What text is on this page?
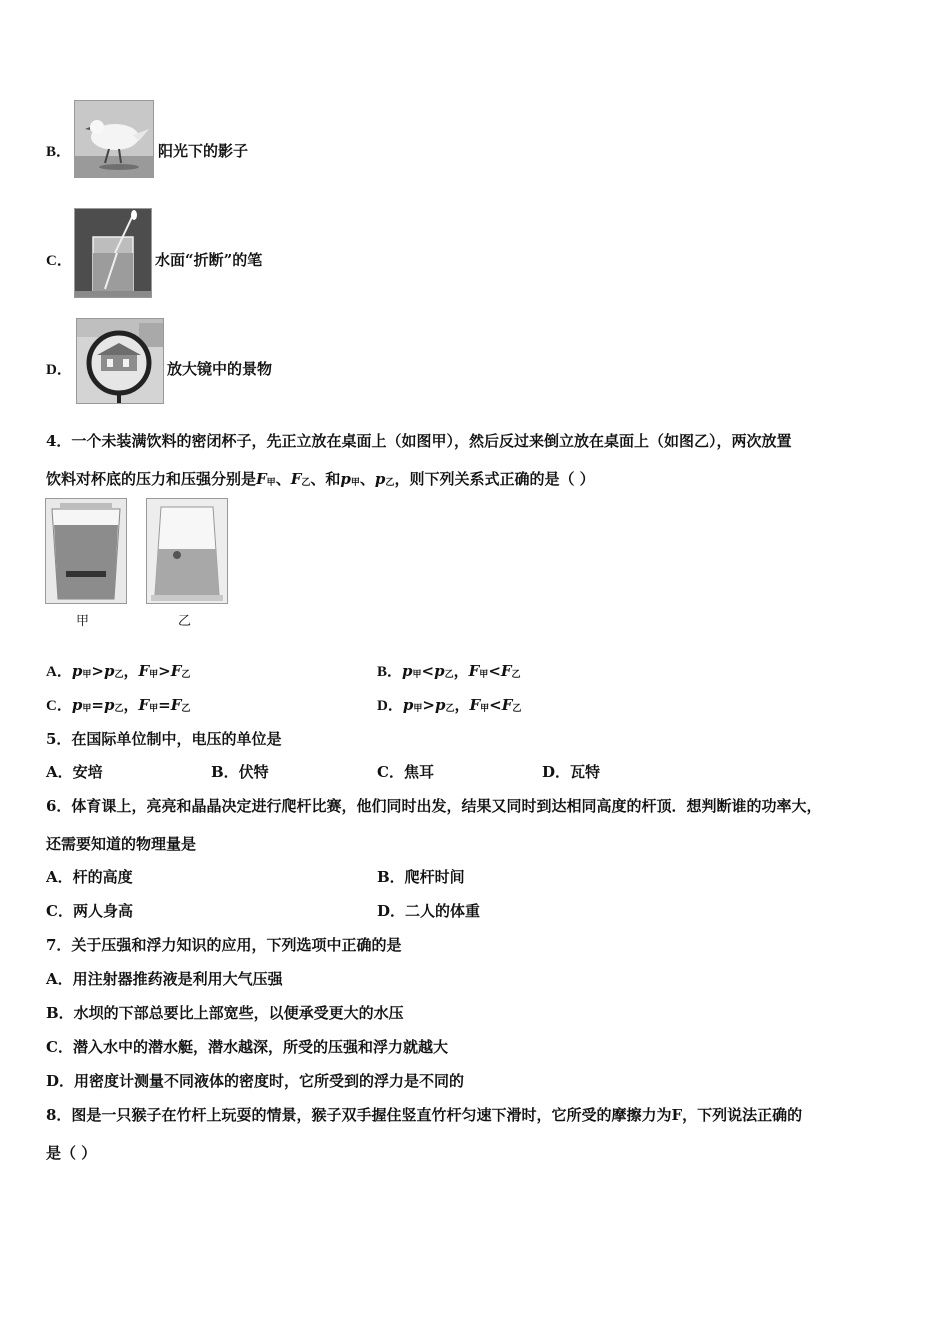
B．	阳光下的影子
C．	水面“折断”的笔
D．	放大镜中的景物
4．一个未装满饮料的密闭杯子，先正立放在桌面上（如图甲），然后反过来倒立放在桌面上（如图乙），两次放置
饮料对杯底的压力和压强分别是F甲、F乙、和p甲、p乙，则下列关系式正确的是（ ）
甲	乙
A．p甲>p乙，F甲>F乙	B．p甲<p乙，F甲<F乙
C．p甲=p乙，F甲=F乙	D．p甲>p乙，F甲<F乙
5．在国际单位制中，电压的单位是
A．安培	B．伏特	C．焦耳	D．瓦特
6．体育课上，亮亮和晶晶决定进行爬杆比赛，他们同时出发，结果又同时到达相同高度的杆顶．想判断谁的功率大，
还需要知道的物理量是
A．杆的高度	B．爬杆时间
C．两人身高	D．二人的体重
7．关于压强和浮力知识的应用，下列选项中正确的是
A．用注射器推药液是利用大气压强
B．水坝的下部总要比上部宽些，以便承受更大的水压
C．潜入水中的潜水艇，潜水越深，所受的压强和浮力就越大
D．用密度计测量不同液体的密度时，它所受到的浮力是不同的
8．图是一只猴子在竹杆上玩耍的情景，猴子双手握住竖直竹杆匀速下滑时，它所受的摩擦力为F，下列说法正确的
是（ ）
